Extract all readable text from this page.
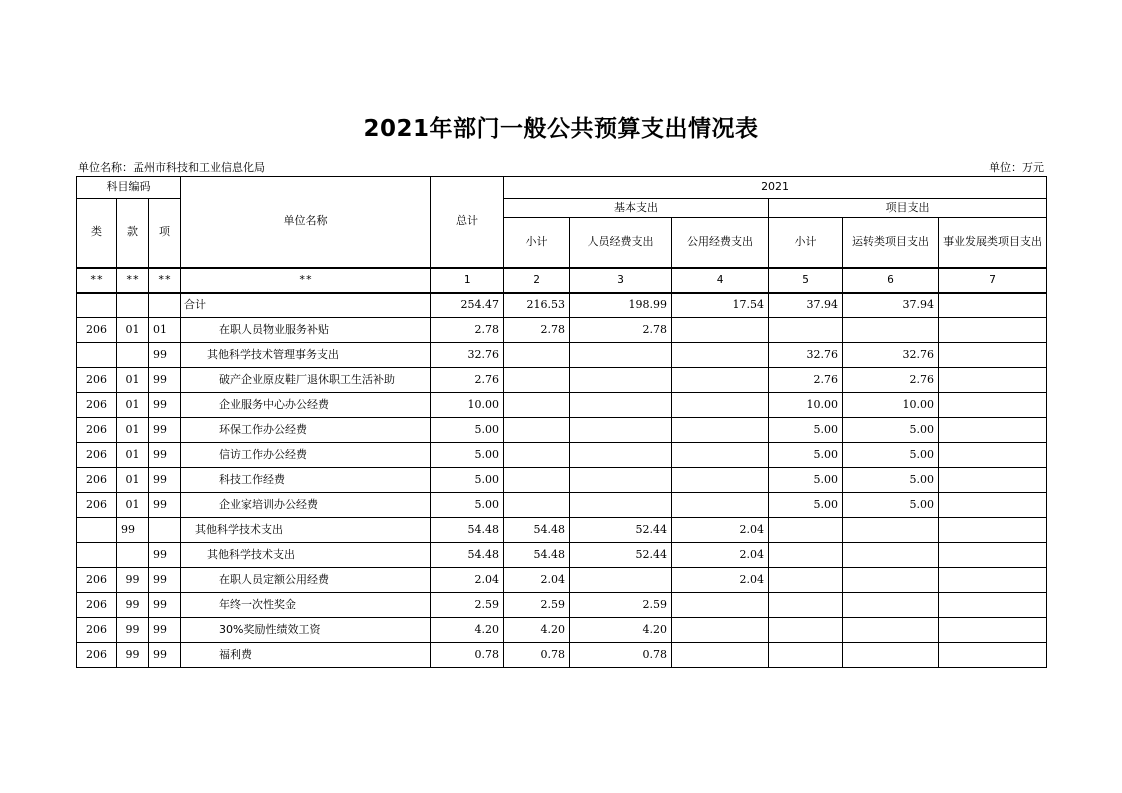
2021年部门一般公共预算支出情况表
单位名称：孟州市科技和工业信息化局	单位：万元
科目编码			单位名称	总计	2021					
类	款	项			基本支出			项目支出		
					小计	人员经费支出	公用经费支出	小计	运转类项目支出	事业发展类项目支出
**	**	**	**	1	2	3	4	5	6	7
			合计	254.47	216.53	198.99	17.54	37.94	37.94	
206	01	01	在职人员物业服务补贴	2.78	2.78	2.78				
		99	其他科学技术管理事务支出	32.76				32.76	32.76	
206	01	99	破产企业原皮鞋厂退休职工生活补助	2.76				2.76	2.76	
206	01	99	企业服务中心办公经费	10.00				10.00	10.00	
206	01	99	环保工作办公经费	5.00				5.00	5.00	
206	01	99	信访工作办公经费	5.00				5.00	5.00	
206	01	99	科技工作经费	5.00				5.00	5.00	
206	01	99	企业家培训办公经费	5.00				5.00	5.00	
	99		其他科学技术支出	54.48	54.48	52.44	2.04			
		99	其他科学技术支出	54.48	54.48	52.44	2.04			
206	99	99	在职人员定额公用经费	2.04	2.04		2.04			
206	99	99	年终一次性奖金	2.59	2.59	2.59				
206	99	99	30%奖励性绩效工资	4.20	4.20	4.20				
206	99	99	福利费	0.78	0.78	0.78				
